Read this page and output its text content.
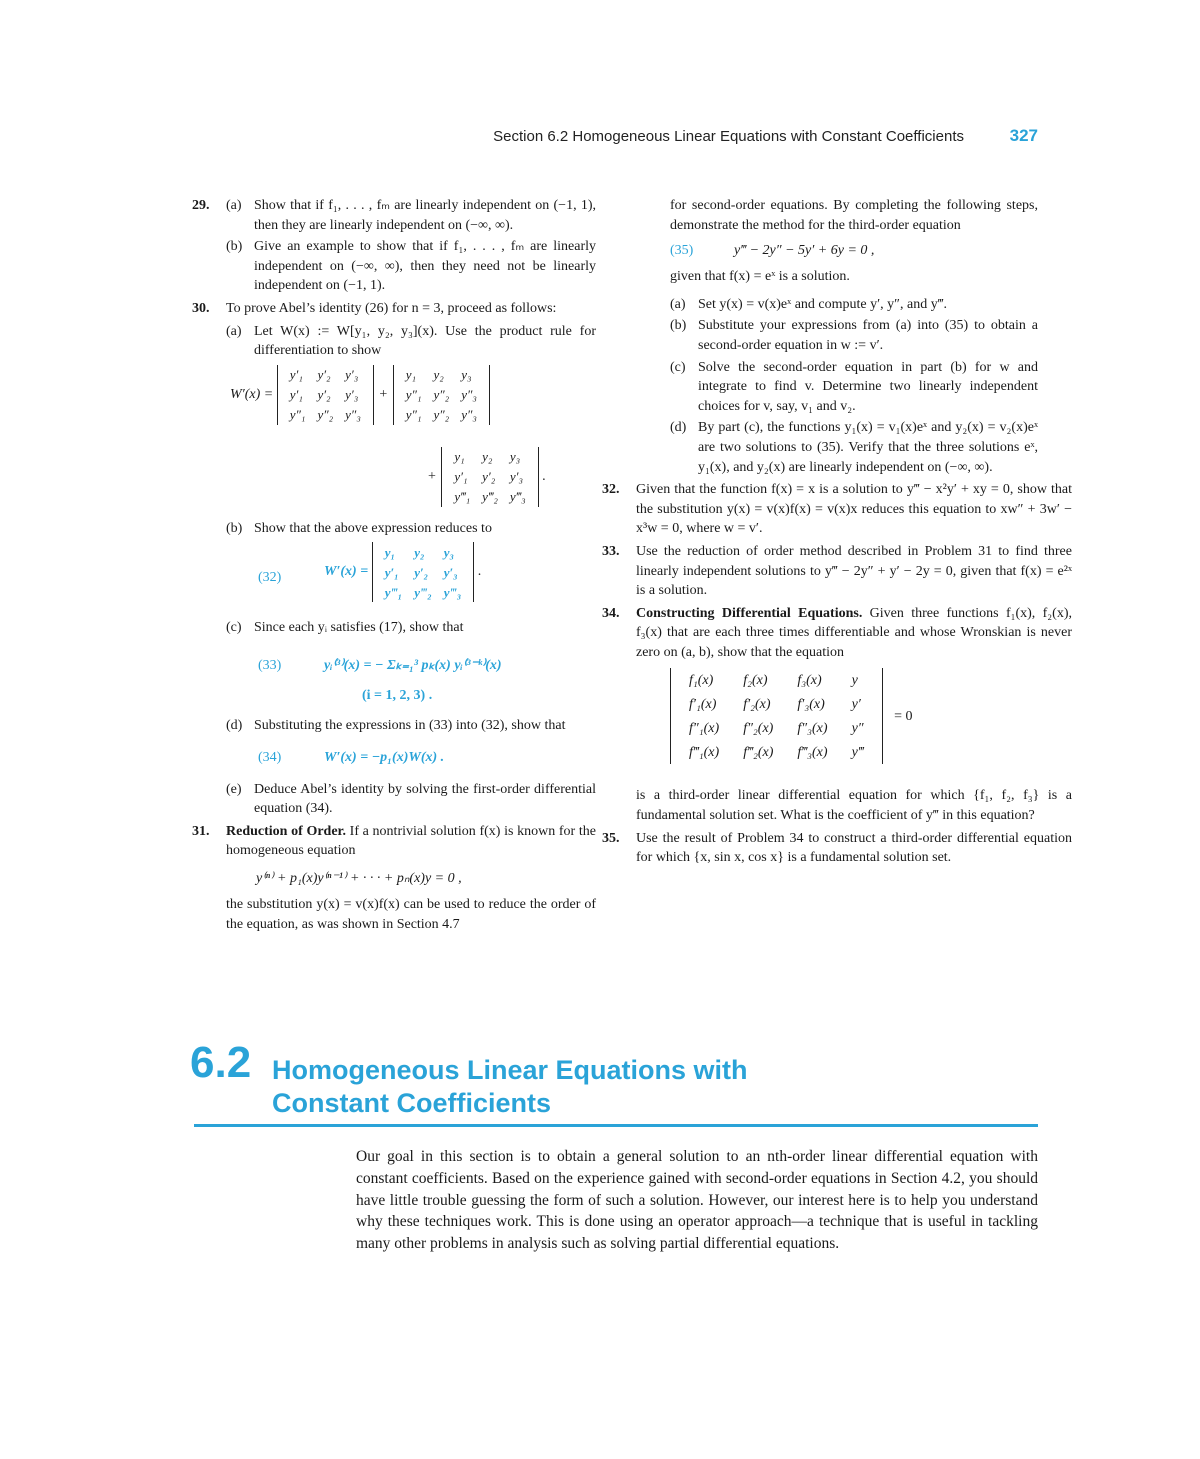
Section 6.2 Homogeneous Linear Equations with Constant Coefficients	327
29. (a) Show that if f₁, . . . , fₘ are linearly independent on (−1, 1), then they are linearly independent on (−∞, ∞).

(b) Give an example to show that if f₁, . . . , fₘ are linearly independent on (−∞, ∞), then they need not be linearly independent on (−1, 1).

30. To prove Abel’s identity (26) for n = 3, proceed as follows:

(a) Let W(x) := W[y₁, y₂, y₃](x). Use the product rule for differentiation to show

W′(x) =
y′₁	y′₂	y′₃
y′₁	y′₂	y′₃
y″₁	y″₂	y″₃
+
y₁	y₂	y₃
y″₁	y″₂	y″₃
y″₁	y″₂	y″₃
+
y₁	y₂	y₃
y′₁	y′₂	y′₃
y‴₁	y‴₂	y‴₃
.
(b) Show that the above expression reduces to

(32)	W′(x) =
y₁	y₂	y₃
y′₁	y′₂	y′₃
y‴₁	y‴₂	y‴₃
.
(c) Since each yᵢ satisfies (17), show that

(33)	yᵢ⁽³⁾(x) = − Σₖ₌₁³ pₖ(x) yᵢ⁽³⁻ᵏ⁾(x)
(i = 1, 2, 3) .
(d) Substituting the expressions in (33) into (32), show that

(34)	W′(x) = −p₁(x)W(x) .
(e) Deduce Abel’s identity by solving the first-order differential equation (34).

31. Reduction of Order. If a nontrivial solution f(x) is known for the homogeneous equation

y⁽ⁿ⁾ + p₁(x)y⁽ⁿ⁻¹⁾ + · · · + pₙ(x)y = 0 ,

the substitution y(x) = v(x)f(x) can be used to reduce the order of the equation, as was shown in Section 4.7

for second-order equations. By completing the following steps, demonstrate the method for the third-order equation

(35)	y‴ − 2y″ − 5y′ + 6y = 0 ,

given that f(x) = eˣ is a solution.

(a) Set y(x) = v(x)eˣ and compute y′, y″, and y‴.

(b) Substitute your expressions from (a) into (35) to obtain a second-order equation in w := v′.

(c) Solve the second-order equation in part (b) for w and integrate to find v. Determine two linearly independent choices for v, say, v₁ and v₂.

(d) By part (c), the functions y₁(x) = v₁(x)eˣ and y₂(x) = v₂(x)eˣ are two solutions to (35). Verify that the three solutions eˣ, y₁(x), and y₂(x) are linearly independent on (−∞, ∞).

32. Given that the function f(x) = x is a solution to y‴ − x²y′ + xy = 0, show that the substitution y(x) = v(x)f(x) = v(x)x reduces this equation to xw″ + 3w′ − x³w = 0, where w = v′.

33. Use the reduction of order method described in Problem 31 to find three linearly independent solutions to y‴ − 2y″ + y′ − 2y = 0, given that f(x) = e²ˣ is a solution.

34. Constructing Differential Equations. Given three functions f₁(x), f₂(x), f₃(x) that are each three times differentiable and whose Wronskian is never zero on (a, b), show that the equation

f₁(x)	f₂(x)	f₃(x)	y
f′₁(x)	f′₂(x)	f′₃(x)	y′
f″₁(x)	f″₂(x)	f″₃(x)	y″
f‴₁(x)	f‴₂(x)	f‴₃(x)	y‴
= 0

is a third-order linear differential equation for which {f₁, f₂, f₃} is a fundamental solution set. What is the coefficient of y‴ in this equation?

35. Use the result of Problem 34 to construct a third-order differential equation for which {x, sin x, cos x} is a fundamental solution set.

6.2 Homogeneous Linear Equations with
Constant Coefficients

Our goal in this section is to obtain a general solution to an nth-order linear differential equation with constant coefficients. Based on the experience gained with second-order equations in Section 4.2, you should have little trouble guessing the form of such a solution. However, our interest here is to help you understand why these techniques work. This is done using an operator approach—a technique that is useful in tackling many other problems in analysis such as solving partial differential equations.
